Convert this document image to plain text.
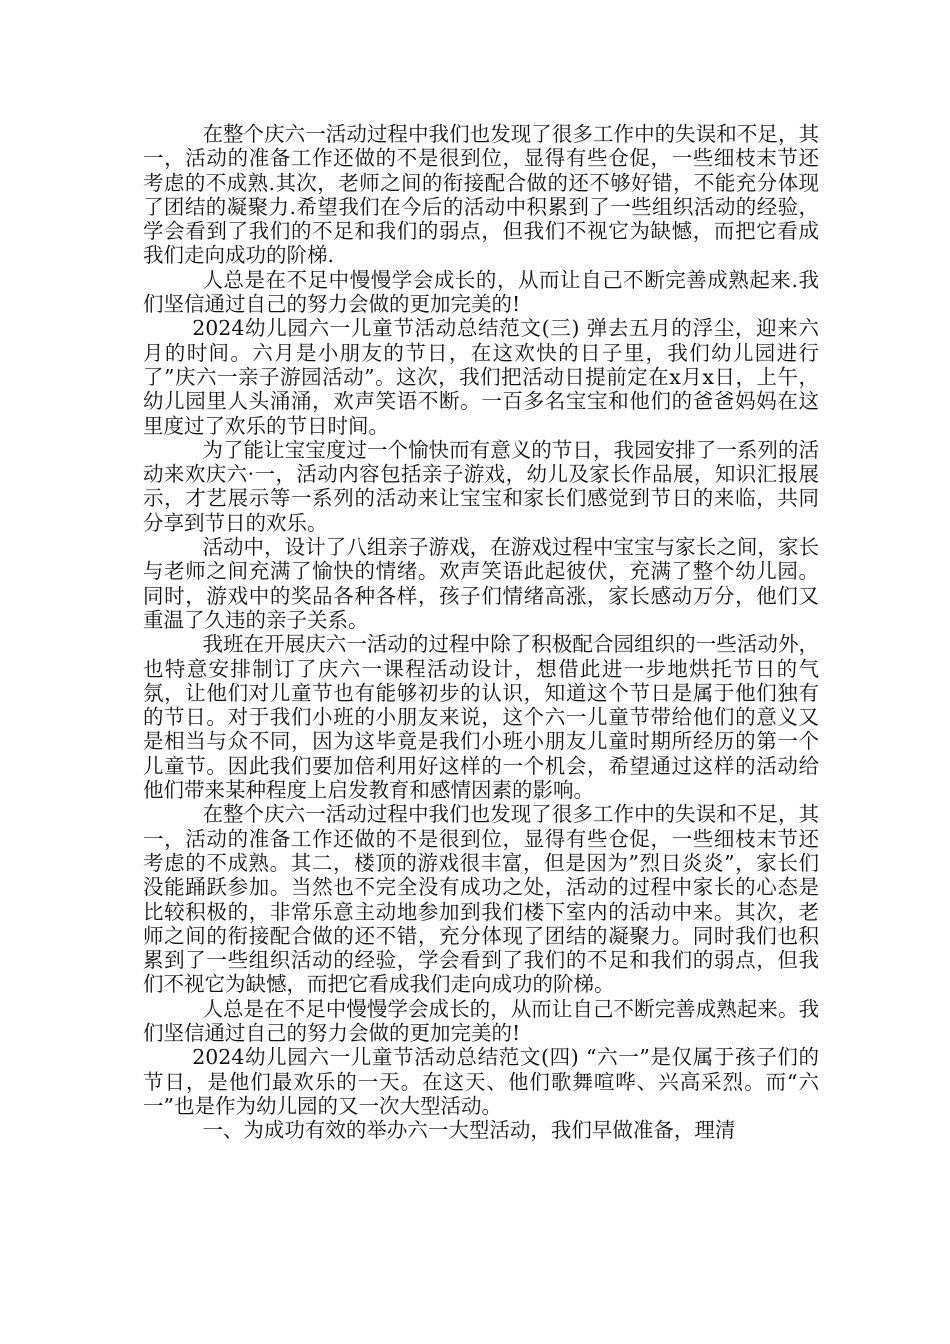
在整个庆六一活动过程中我们也发现了很多工作中的失误和不足，其一，活动的准备工作还做的不是很到位，显得有些仓促，一些细枝末节还考虑的不成熟.其次，老师之间的衔接配合做的还不够好错，不能充分体现了团结的凝聚力.希望我们在今后的活动中积累到了一些组织活动的经验，学会看到了我们的不足和我们的弱点，但我们不视它为缺憾，而把它看成我们走向成功的阶梯.

人总是在不足中慢慢学会成长的，从而让自己不断完善成熟起来.我们坚信通过自己的努力会做的更加完美的!

2024幼儿园六一儿童节活动总结范文(三) 弹去五月的浮尘，迎来六月的时间。六月是小朋友的节日，在这欢快的日子里，我们幼儿园进行了”庆六一亲子游园活动”。这次，我们把活动日提前定在x月x日，上午，幼儿园里人头涌涌，欢声笑语不断。一百多名宝宝和他们的爸爸妈妈在这里度过了欢乐的节日时间。

为了能让宝宝度过一个愉快而有意义的节日，我园安排了一系列的活动来欢庆六·一，活动内容包括亲子游戏，幼儿及家长作品展，知识汇报展示，才艺展示等一系列的活动来让宝宝和家长们感觉到节日的来临，共同分享到节日的欢乐。

活动中，设计了八组亲子游戏，在游戏过程中宝宝与家长之间，家长与老师之间充满了愉快的情绪。欢声笑语此起彼伏，充满了整个幼儿园。同时，游戏中的奖品各种各样，孩子们情绪高涨，家长感动万分，他们又重温了久违的亲子关系。

我班在开展庆六一活动的过程中除了积极配合园组织的一些活动外，也特意安排制订了庆六一课程活动设计，想借此进一步地烘托节日的气氛，让他们对儿童节也有能够初步的认识，知道这个节日是属于他们独有的节日。对于我们小班的小朋友来说，这个六一儿童节带给他们的意义又是相当与众不同，因为这毕竟是我们小班小朋友儿童时期所经历的第一个儿童节。因此我们要加倍利用好这样的一个机会，希望通过这样的活动给他们带来某种程度上启发教育和感情因素的影响。

在整个庆六一活动过程中我们也发现了很多工作中的失误和不足，其一，活动的准备工作还做的不是很到位，显得有些仓促，一些细枝末节还考虑的不成熟。其二，楼顶的游戏很丰富，但是因为”烈日炎炎”，家长们没能踊跃参加。当然也不完全没有成功之处，活动的过程中家长的心态是比较积极的，非常乐意主动地参加到我们楼下室内的活动中来。其次，老师之间的衔接配合做的还不错，充分体现了团结的凝聚力。同时我们也积累到了一些组织活动的经验，学会看到了我们的不足和我们的弱点，但我们不视它为缺憾，而把它看成我们走向成功的阶梯。

人总是在不足中慢慢学会成长的，从而让自己不断完善成熟起来。我们坚信通过自己的努力会做的更加完美的!

2024幼儿园六一儿童节活动总结范文(四) “六一”是仅属于孩子们的节日，是他们最欢乐的一天。在这天、他们歌舞喧哗、兴高采烈。而“六一”也是作为幼儿园的又一次大型活动。

一、为成功有效的举办六一大型活动，我们早做准备，理清
